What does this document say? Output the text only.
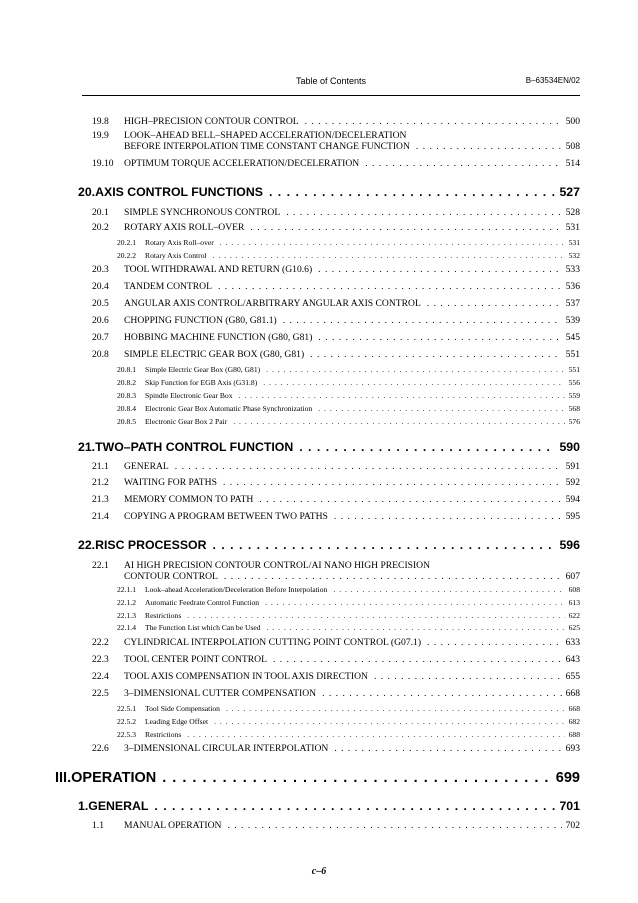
Table of Contents	B–63534EN/02
19.8	HIGH–PRECISION CONTOUR CONTROL . . .	500
19.9	LOOK–AHEAD BELL–SHAPED ACCELERATION/DECELERATION
BEFORE INTERPOLATION TIME CONSTANT CHANGE FUNCTION . . .	508
19.10	OPTIMUM TORQUE ACCELERATION/DECELERATION . . .	514
20. AXIS CONTROL FUNCTIONS . . .	527
20.1	SIMPLE SYNCHRONOUS CONTROL . . .	528
20.2	ROTARY AXIS ROLL–OVER . . .	531
20.2.1	Rotary Axis Roll–over . . .	531
20.2.2	Rotary Axis Control . . .	532
20.3	TOOL WITHDRAWAL AND RETURN (G10.6) . . .	533
20.4	TANDEM CONTROL . . .	536
20.5	ANGULAR AXIS CONTROL/ARBITRARY ANGULAR AXIS CONTROL . . .	537
20.6	CHOPPING FUNCTION (G80, G81.1) . . .	539
20.7	HOBBING MACHINE FUNCTION (G80, G81) . . .	545
20.8	SIMPLE ELECTRIC GEAR BOX (G80, G81) . . .	551
20.8.1	Simple Electric Gear Box (G80, G81) . . .	551
20.8.2	Skip Function for EGB Axis (G31.8) . . .	556
20.8.3	Spindle Electronic Gear Box . . .	559
20.8.4	Electronic Gear Box Automatic Phase Synchronization . . .	568
20.8.5	Electronic Gear Box 2 Pair . . .	576
21. TWO–PATH CONTROL FUNCTION . . .	590
21.1	GENERAL . . .	591
21.2	WAITING FOR PATHS . . .	592
21.3	MEMORY COMMON TO PATH . . .	594
21.4	COPYING A PROGRAM BETWEEN TWO PATHS . . .	595
22. RISC PROCESSOR . . .	596
22.1	AI HIGH PRECISION CONTOUR CONTROL/AI NANO HIGH PRECISION
CONTOUR CONTROL . . .	607
22.1.1	Look–ahead Acceleration/Deceleration Before Interpolation . . .	608
22.1.2	Automatic Feedrate Control Function . . .	613
22.1.3	Restrictions . . .	622
22.1.4	The Function List which Can be Used . . .	625
22.2	CYLINDRICAL INTERPOLATION CUTTING POINT CONTROL (G07.1) . . .	633
22.3	TOOL CENTER POINT CONTROL . . .	643
22.4	TOOL AXIS COMPENSATION IN TOOL AXIS DIRECTION . . .	655
22.5	3–DIMENSIONAL CUTTER COMPENSATION . . .	668
22.5.1	Tool Side Compensation . . .	668
22.5.2	Leading Edge Offset . . .	682
22.5.3	Restrictions . . .	688
22.6	3–DIMENSIONAL CIRCULAR INTERPOLATION . . .	693
III. OPERATION . . .	699
1. GENERAL . . .	701
1.1	MANUAL OPERATION . . .	702
c–6
